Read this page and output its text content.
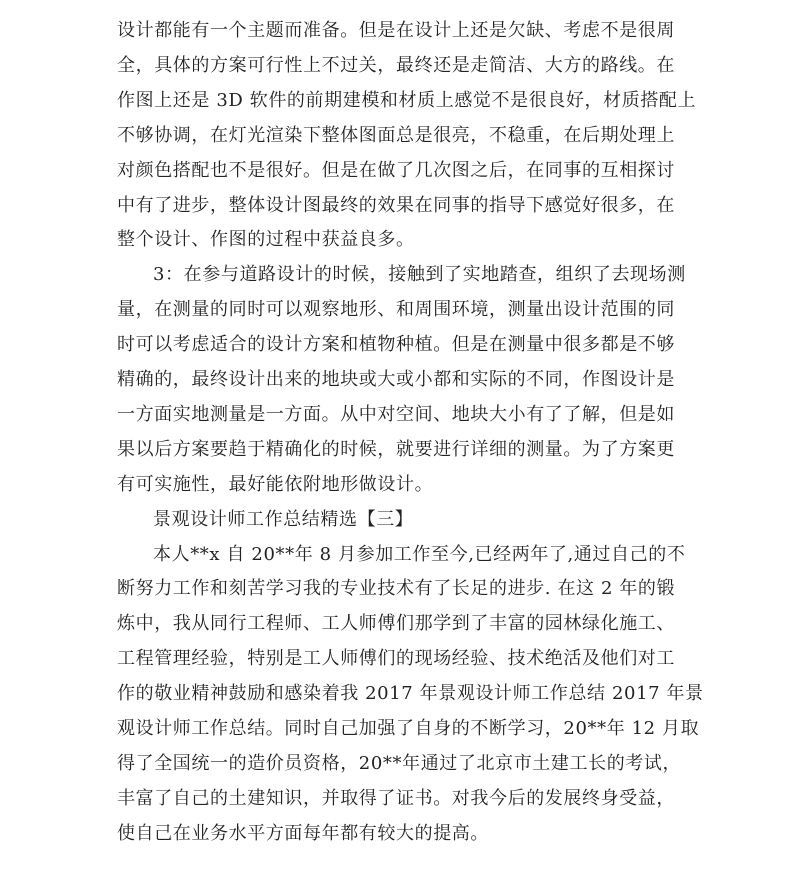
设计都能有一个主题而准备。但是在设计上还是欠缺、考虑不是很周
全，具体的方案可行性上不过关，最终还是走简洁、大方的路线。在
作图上还是 3D 软件的前期建模和材质上感觉不是很良好，材质搭配上
不够协调，在灯光渲染下整体图面总是很亮，不稳重，在后期处理上
对颜色搭配也不是很好。但是在做了几次图之后，在同事的互相探讨
中有了进步，整体设计图最终的效果在同事的指导下感觉好很多，在
整个设计、作图的过程中获益良多。
3：在参与道路设计的时候，接触到了实地踏查，组织了去现场测
量，在测量的同时可以观察地形、和周围环境，测量出设计范围的同
时可以考虑适合的设计方案和植物种植。但是在测量中很多都是不够
精确的，最终设计出来的地块或大或小都和实际的不同，作图设计是
一方面实地测量是一方面。从中对空间、地块大小有了了解，但是如
果以后方案要趋于精确化的时候，就要进行详细的测量。为了方案更
有可实施性，最好能依附地形做设计。
景观设计师工作总结精选【三】
本人**x 自 20**年 8 月参加工作至今,已经两年了,通过自己的不
断努力工作和刻苦学习我的专业技术有了长足的进步. 在这 2 年的锻
炼中，我从同行工程师、工人师傅们那学到了丰富的园林绿化施工、
工程管理经验，特别是工人师傅们的现场经验、技术绝活及他们对工
作的敬业精神鼓励和感染着我 2017 年景观设计师工作总结 2017 年景
观设计师工作总结。同时自己加强了自身的不断学习，20**年 12 月取
得了全国统一的造价员资格，20**年通过了北京市土建工长的考试，
丰富了自己的土建知识，并取得了证书。对我今后的发展终身受益，
使自己在业务水平方面每年都有较大的提高。
